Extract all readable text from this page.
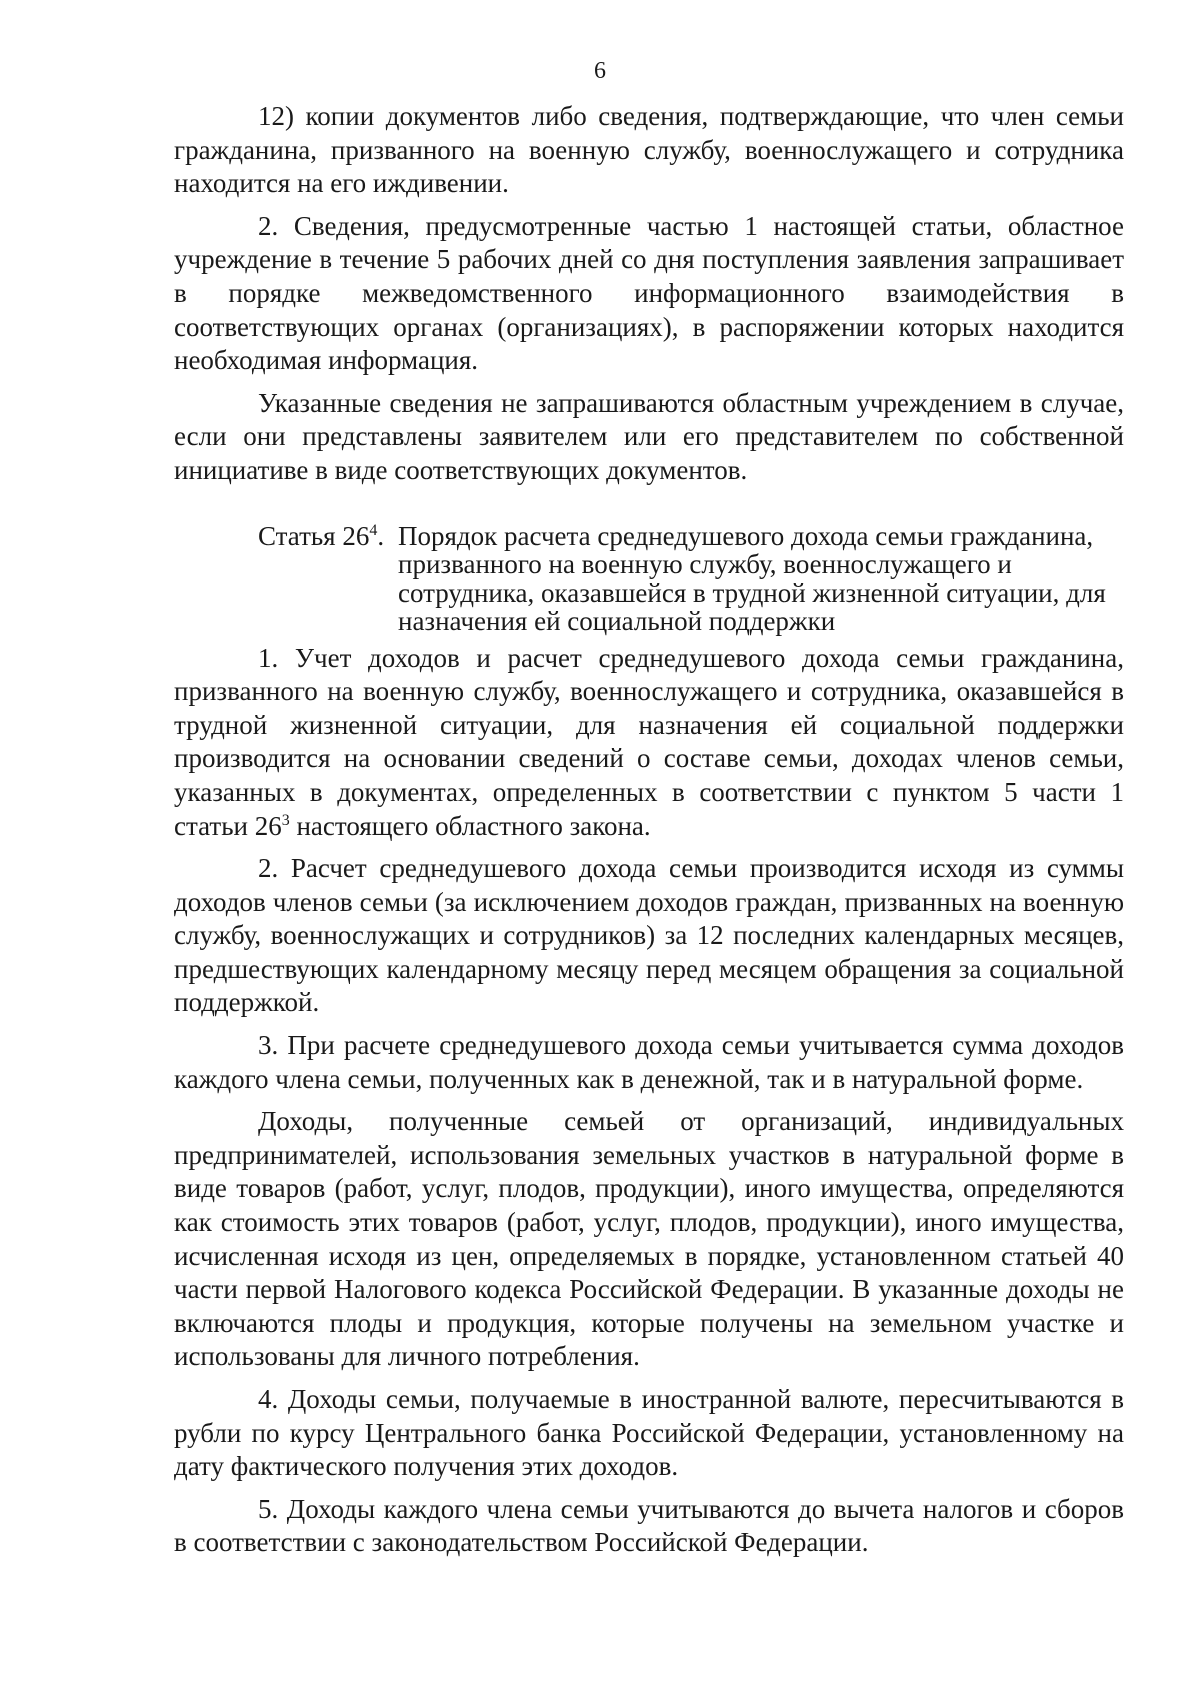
6

12) копии документов либо сведения, подтверждающие, что член семьи гражданина, призванного на военную службу, военнослужащего и сотрудника находится на его иждивении.

2. Сведения, предусмотренные частью 1 настоящей статьи, областное учреждение в течение 5 рабочих дней со дня поступления заявления запрашивает в порядке межведомственного информационного взаимодействия в соответствующих органах (организациях), в распоряжении которых находится необходимая информация.

Указанные сведения не запрашиваются областным учреждением в случае, если они представлены заявителем или его представителем по собственной инициативе в виде соответствующих документов.

Статья $26^4$. Порядок расчета среднедушевого дохода семьи гражданина, призванного на военную службу, военнослужащего и сотрудника, оказавшейся в трудной жизненной ситуации, для назначения ей социальной поддержки

1. Учет доходов и расчет среднедушевого дохода семьи гражданина, призванного на военную службу, военнослужащего и сотрудника, оказавшейся в трудной жизненной ситуации, для назначения ей социальной поддержки производится на основании сведений о составе семьи, доходах членов семьи, указанных в документах, определенных в соответствии с пунктом 5 части 1 статьи $26^3$ настоящего областного закона.

2. Расчет среднедушевого дохода семьи производится исходя из суммы доходов членов семьи (за исключением доходов граждан, призванных на военную службу, военнослужащих и сотрудников) за 12 последних календарных месяцев, предшествующих календарному месяцу перед месяцем обращения за социальной поддержкой.

3. При расчете среднедушевого дохода семьи учитывается сумма доходов каждого члена семьи, полученных как в денежной, так и в натуральной форме.

Доходы, полученные семьей от организаций, индивидуальных предпринимателей, использования земельных участков в натуральной форме в виде товаров (работ, услуг, плодов, продукции), иного имущества, определяются как стоимость этих товаров (работ, услуг, плодов, продукции), иного имущества, исчисленная исходя из цен, определяемых в порядке, установленном статьей 40 части первой Налогового кодекса Российской Федерации. В указанные доходы не включаются плоды и продукция, которые получены на земельном участке и использованы для личного потребления.

4. Доходы семьи, получаемые в иностранной валюте, пересчитываются в рубли по курсу Центрального банка Российской Федерации, установленному на дату фактического получения этих доходов.

5. Доходы каждого члена семьи учитываются до вычета налогов и сборов в соответствии с законодательством Российской Федерации.
